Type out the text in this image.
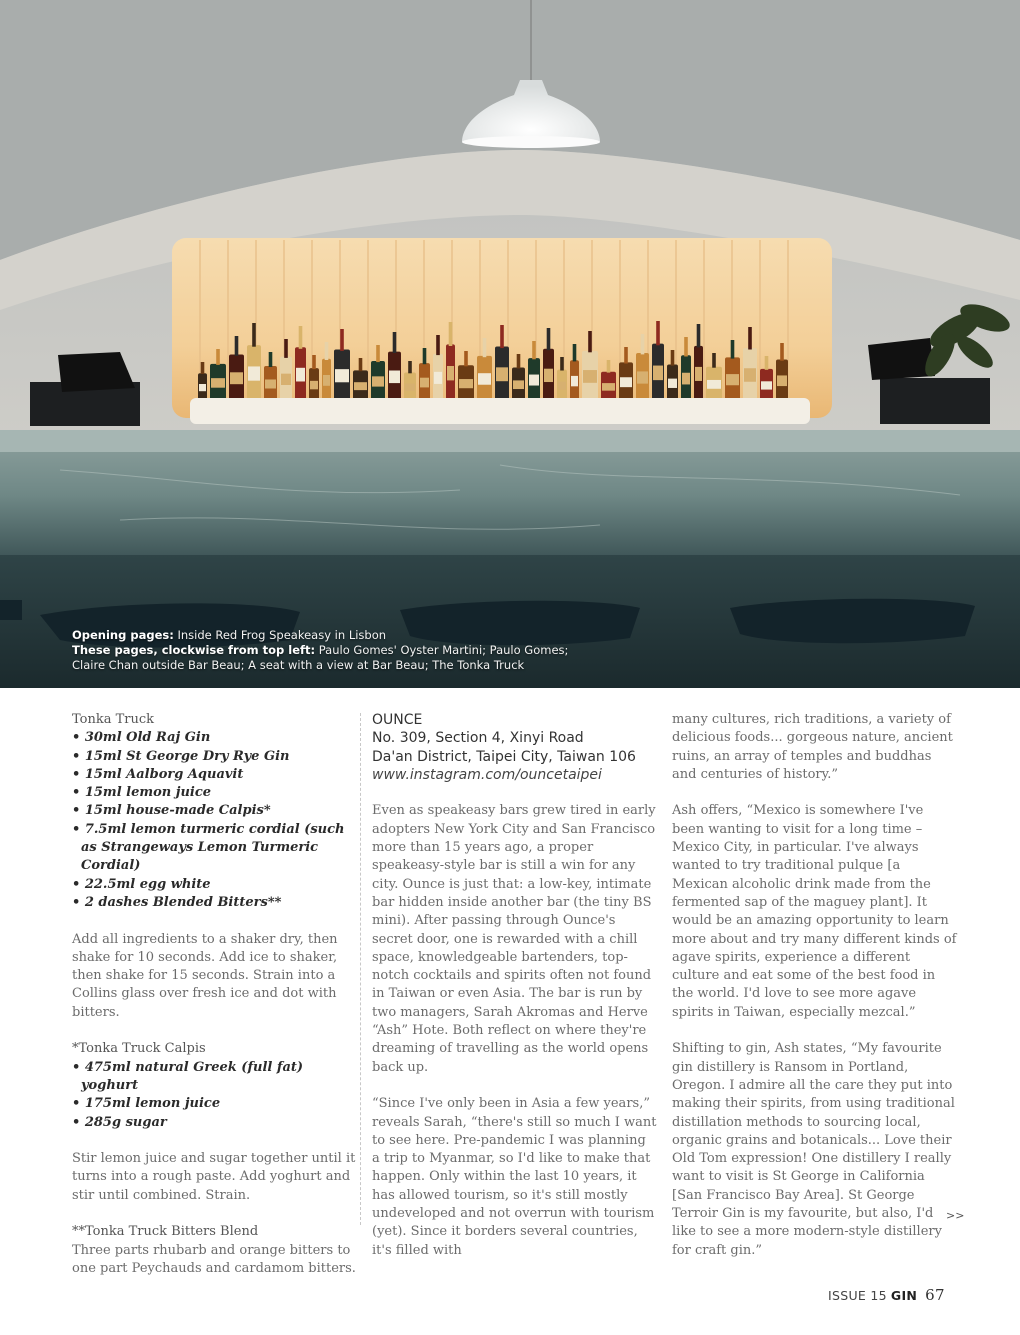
Opening pages: Inside Red Frog Speakeasy in Lisbon
These pages, clockwise from top left: Paulo Gomes' Oyster Martini; Paulo Gomes;
Claire Chan outside Bar Beau; A seat with a view at Bar Beau; The Tonka Truck

Tonka Truck

• 30ml Old Raj Gin
• 15ml St George Dry Rye Gin
• 15ml Aalborg Aquavit
• 15ml lemon juice
• 15ml house-made Calpis*
• 7.5ml lemon turmeric cordial (such as Strangeways Lemon Turmeric Cordial)
• 22.5ml egg white
• 2 dashes Blended Bitters**

Add all ingredients to a shaker dry, then shake for 10 seconds. Add ice to shaker, then shake for 15 seconds. Strain into a Collins glass over fresh ice and dot with bitters.

*Tonka Truck Calpis

• 475ml natural Greek (full fat) yoghurt
• 175ml lemon juice
• 285g sugar

Stir lemon juice and sugar together until it turns into a rough paste. Add yoghurt and stir until combined. Strain.

**Tonka Truck Bitters Blend

Three parts rhubarb and orange bitters to one part Peychauds and cardamom bitters.

OUNCE
No. 309, Section 4, Xinyi Road
Da'an District, Taipei City, Taiwan 106
www.instagram.com/ouncetaipei

Even as speakeasy bars grew tired in early adopters New York City and San Francisco more than 15 years ago, a proper speakeasy-style bar is still a win for any city. Ounce is just that: a low-key, intimate bar hidden inside another bar (the tiny BS mini). After passing through Ounce's secret door, one is rewarded with a chill space, knowledgeable bartenders, top-notch cocktails and spirits often not found in Taiwan or even Asia. The bar is run by two managers, Sarah Akromas and Herve “Ash” Hote. Both reflect on where they're dreaming of travelling as the world opens back up.

“Since I've only been in Asia a few years,” reveals Sarah, “there's still so much I want to see here. Pre-pandemic I was planning a trip to Myanmar, so I'd like to make that happen. Only within the last 10 years, it has allowed tourism, so it's still mostly undeveloped and not overrun with tourism (yet). Since it borders several countries, it's filled with

many cultures, rich traditions, a variety of delicious foods... gorgeous nature, ancient ruins, an array of temples and buddhas and centuries of history.”

Ash offers, “Mexico is somewhere I've been wanting to visit for a long time – Mexico City, in particular. I've always wanted to try traditional pulque [a Mexican alcoholic drink made from the fermented sap of the maguey plant]. It would be an amazing opportunity to learn more about and try many different kinds of agave spirits, experience a different culture and eat some of the best food in the world. I'd love to see more agave spirits in Taiwan, especially mezcal.”

Shifting to gin, Ash states, “My favourite gin distillery is Ransom in Portland, Oregon. I admire all the care they put into making their spirits, from using traditional distillation methods to sourcing local, organic grains and botanicals... Love their Old Tom expression! One distillery I really want to visit is St George in California [San Francisco Bay Area]. St George Terroir Gin is my favourite, but also, I'd like to see a more modern-style distillery for craft gin.”

>>
ISSUE 15 GIN 67
